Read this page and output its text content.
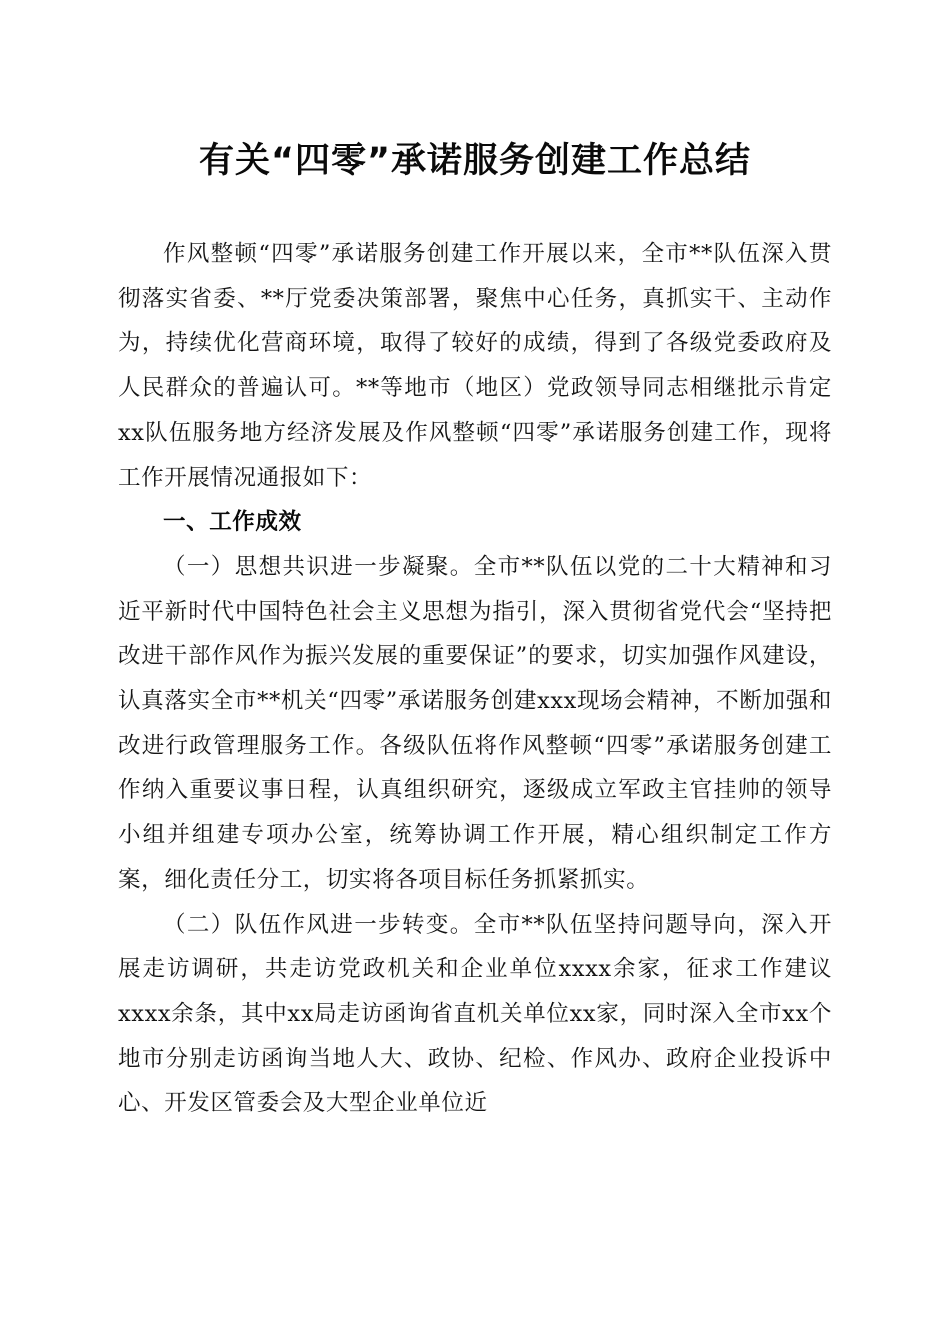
有关“四零”承诺服务创建工作总结

作风整顿“四零”承诺服务创建工作开展以来，全市**队伍深入贯彻落实省委、**厅党委决策部署，聚焦中心任务，真抓实干、主动作为，持续优化营商环境，取得了较好的成绩，得到了各级党委政府及人民群众的普遍认可。**等地市（地区）党政领导同志相继批示肯定xx队伍服务地方经济发展及作风整顿“四零”承诺服务创建工作，现将工作开展情况通报如下：

一、工作成效

（一）思想共识进一步凝聚。全市**队伍以党的二十大精神和习近平新时代中国特色社会主义思想为指引，深入贯彻省党代会“坚持把改进干部作风作为振兴发展的重要保证”的要求，切实加强作风建设，认真落实全市**机关“四零”承诺服务创建xxx现场会精神，不断加强和改进行政管理服务工作。各级队伍将作风整顿“四零”承诺服务创建工作纳入重要议事日程，认真组织研究，逐级成立军政主官挂帅的领导小组并组建专项办公室，统筹协调工作开展，精心组织制定工作方案，细化责任分工，切实将各项目标任务抓紧抓实。

（二）队伍作风进一步转变。全市**队伍坚持问题导向，深入开展走访调研，共走访党政机关和企业单位xxxx余家，征求工作建议xxxx余条，其中xx局走访函询省直机关单位xx家，同时深入全市xx个地市分别走访函询当地人大、政协、纪检、作风办、政府企业投诉中心、开发区管委会及大型企业单位近
